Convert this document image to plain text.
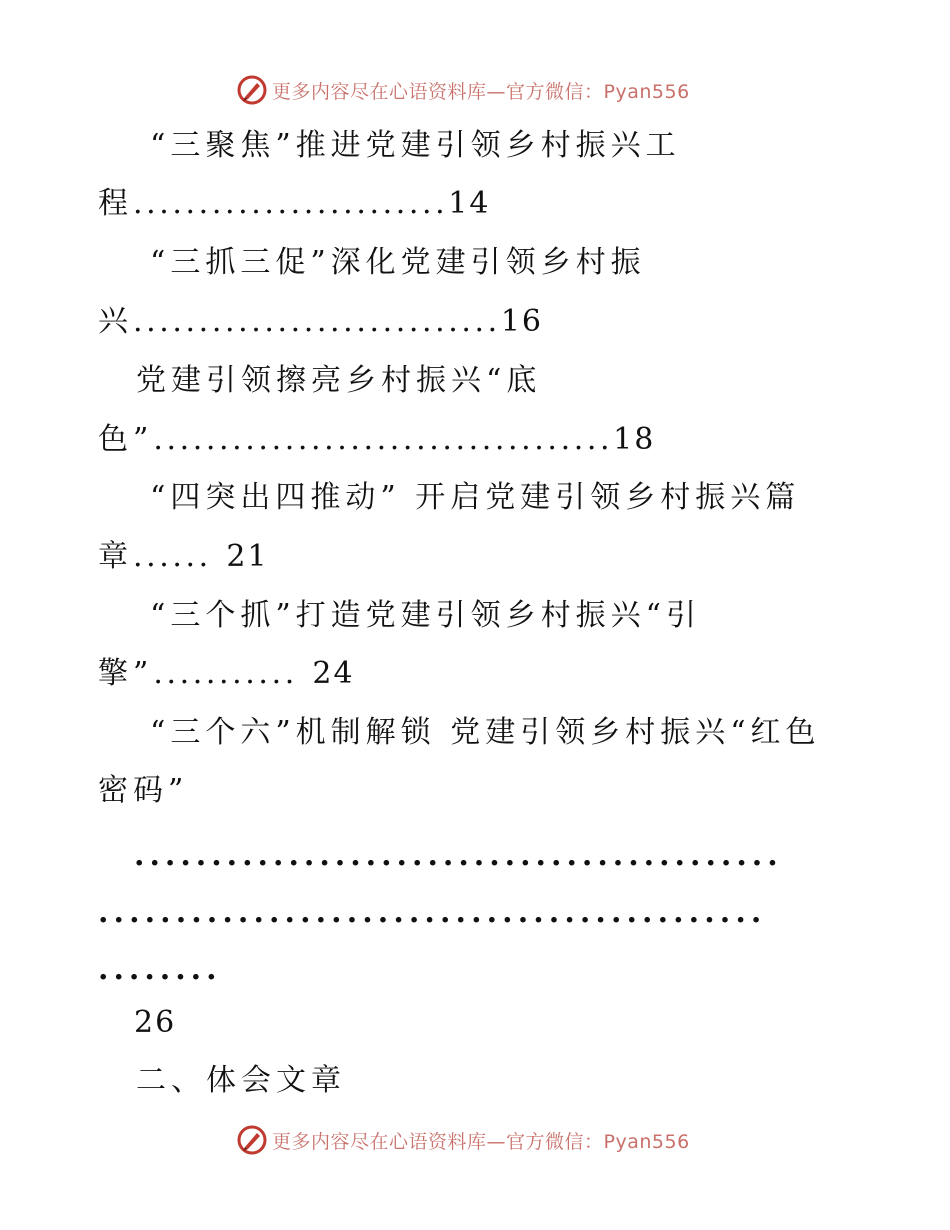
更多内容尽在心语资料库—官方微信：Pyan556
“三聚焦”推进党建引领乡村振兴工
程........................14
“三抓三促”深化党建引领乡村振
兴............................16
党建引领擦亮乡村振兴“底
色”...................................18
“四突出四推动” 开启党建引领乡村振兴篇
章...... 21
“三个抓”打造党建引领乡村振兴“引
擎”........... 24
“三个六”机制解锁 党建引领乡村振兴“红色
密码”
..........................................
...........................................
........
26
二、体会文章
更多内容尽在心语资料库—官方微信：Pyan556
